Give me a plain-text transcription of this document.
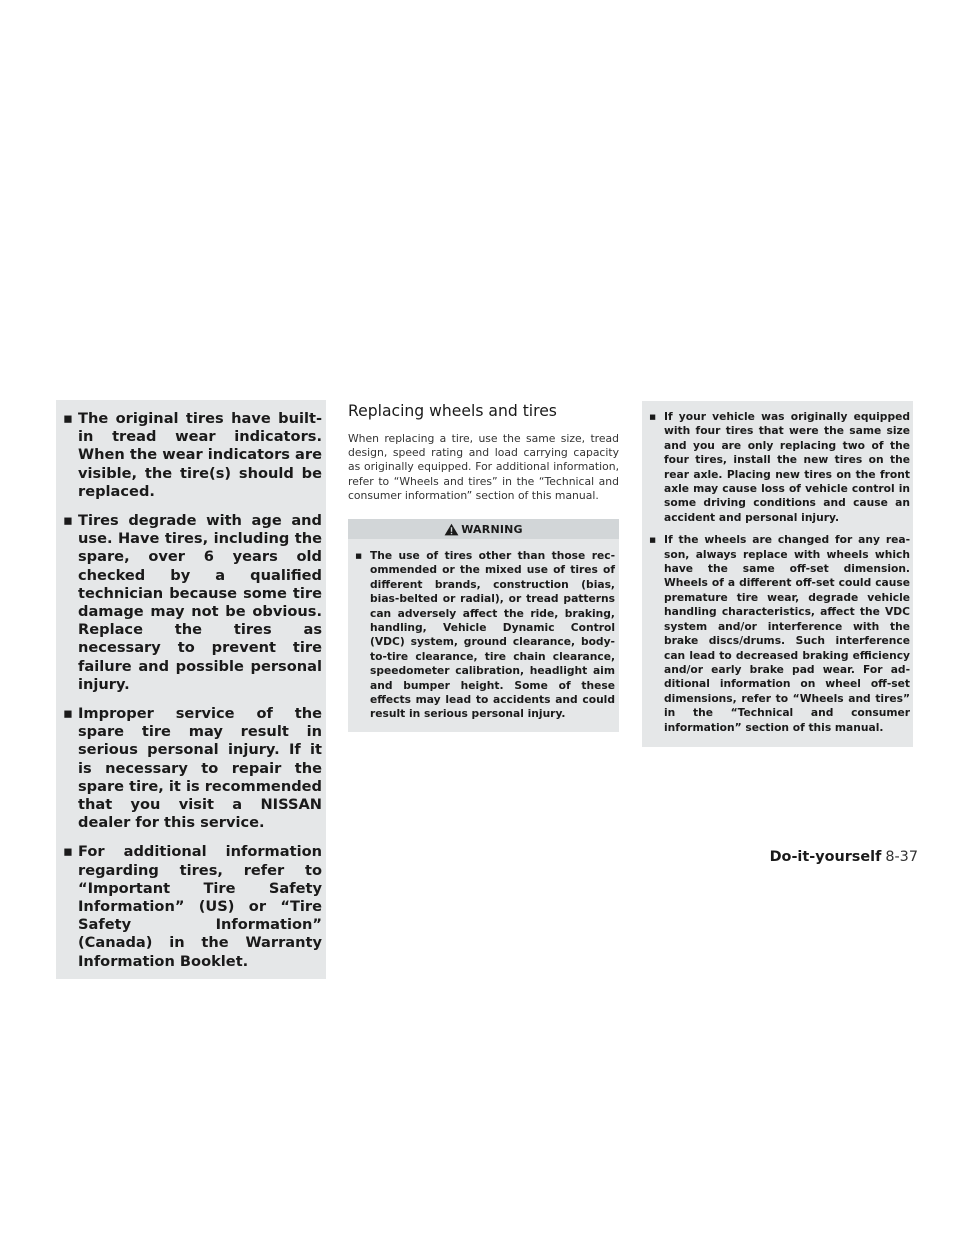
▪ The original tires have built-in tread wear indicators. When the wear indicators are visible, the tire(s) should be replaced.
▪ Tires degrade with age and use. Have tires, including the spare, over 6 years old checked by a qualified technician because some tire damage may not be obvious. Replace the tires as necessary to prevent tire failure and possible personal injury.
▪ Improper service of the spare tire may result in serious personal injury. If it is necessary to repair the spare tire, it is recommended that you visit a NISSAN dealer for this service.
▪ For additional information regarding tires, refer to “Important Tire Safety Information” (US) or “Tire Safety Information” (Canada) in the Warranty Information Booklet.
Replacing wheels and tires

When replacing a tire, use the same size, tread design, speed rating and load carrying capacity as originally equipped. For additional information, refer to “Wheels and tires” in the “Technical and consumer information” section of this manual.

WARNING
▪ The use of tires other than those recommended or the mixed use of tires of different brands, construction (bias, bias-belted or radial), or tread patterns can adversely affect the ride, braking, handling, Vehicle Dynamic Control (VDC) system, ground clearance, body-to-tire clearance, tire chain clearance, speedometer calibration, headlight aim and bumper height. Some of these effects may lead to accidents and could result in serious personal injury.
▪ If your vehicle was originally equipped with four tires that were the same size and you are only replacing two of the four tires, install the new tires on the rear axle. Placing new tires on the front axle may cause loss of vehicle control in some driving conditions and cause an accident and personal injury.
▪ If the wheels are changed for any reason, always replace with wheels which have the same off-set dimension. Wheels of a different off-set could cause premature tire wear, degrade vehicle handling characteristics, affect the VDC system and/or interference with the brake discs/drums. Such interference can lead to decreased braking efficiency and/or early brake pad wear. For additional information on wheel off-set dimensions, refer to “Wheels and tires” in the “Technical and consumer information” section of this manual.
Do-it-yourself 8-37
